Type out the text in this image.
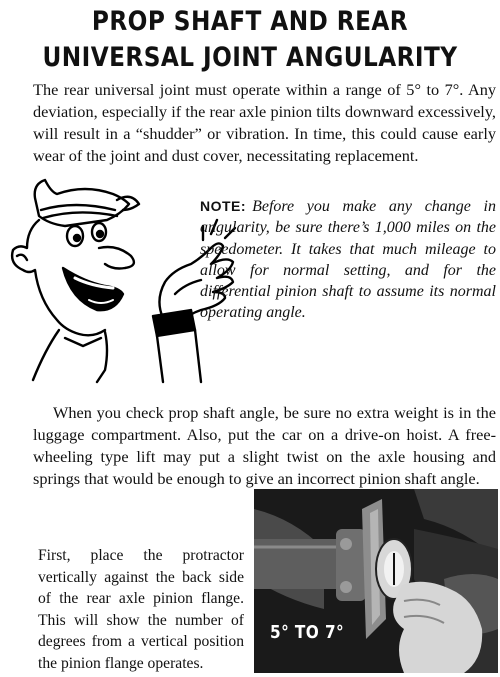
PROP SHAFT AND REAR
UNIVERSAL JOINT ANGULARITY
The rear universal joint must operate within a range of 5° to 7°. Any deviation, especially if the rear axle pinion tilts downward excessively, will result in a “shudder” or vibration. In time, this could cause early wear of the joint and dust cover, necessitating replacement.
NOTE: Before you make any change in angularity, be sure there’s 1,000 miles on the speedometer. It takes that much mileage to allow for normal setting, and for the differential pinion shaft to assume its normal operating angle.
When you check prop shaft angle, be sure no extra weight is in the luggage compartment. Also, put the car on a drive-on hoist. A free-wheeling type lift may put a slight twist on the axle housing and springs that would be enough to give an incorrect pinion shaft angle.
First, place the protractor vertically against the back side of the rear axle pinion flange. This will show the number of degrees from a vertical position the pinion flange operates.
5° TO 7°
